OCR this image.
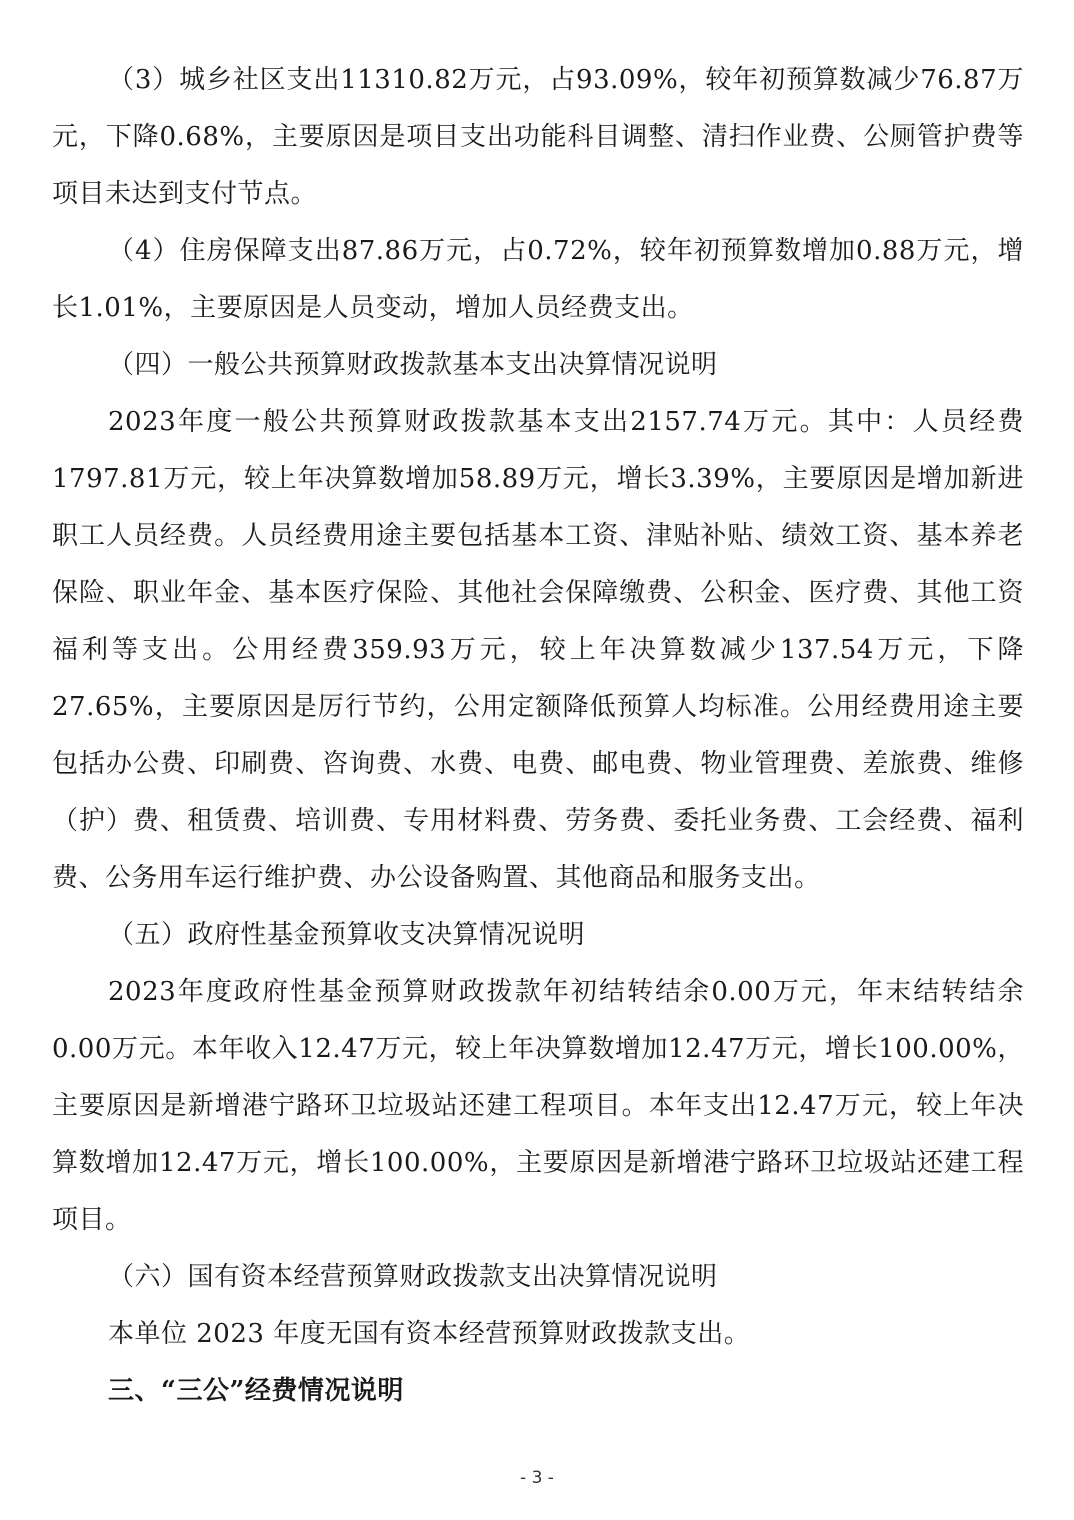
（3）城乡社区支出11310.82万元，占93.09%，较年初预算数减少76.87万元，下降0.68%，主要原因是项目支出功能科目调整、清扫作业费、公厕管护费等项目未达到支付节点。

（4）住房保障支出87.86万元，占0.72%，较年初预算数增加0.88万元，增长1.01%，主要原因是人员变动，增加人员经费支出。

（四）一般公共预算财政拨款基本支出决算情况说明

2023年度一般公共预算财政拨款基本支出2157.74万元。其中：人员经费1797.81万元，较上年决算数增加58.89万元，增长3.39%，主要原因是增加新进职工人员经费。人员经费用途主要包括基本工资、津贴补贴、绩效工资、基本养老保险、职业年金、基本医疗保险、其他社会保障缴费、公积金、医疗费、其他工资福利等支出。公用经费359.93万元，较上年决算数减少137.54万元，下降27.65%，主要原因是厉行节约，公用定额降低预算人均标准。公用经费用途主要包括办公费、印刷费、咨询费、水费、电费、邮电费、物业管理费、差旅费、维修（护）费、租赁费、培训费、专用材料费、劳务费、委托业务费、工会经费、福利费、公务用车运行维护费、办公设备购置、其他商品和服务支出。

（五）政府性基金预算收支决算情况说明

2023年度政府性基金预算财政拨款年初结转结余0.00万元，年末结转结余0.00万元。本年收入12.47万元，较上年决算数增加12.47万元，增长100.00%，主要原因是新增港宁路环卫垃圾站还建工程项目。本年支出12.47万元，较上年决算数增加12.47万元，增长100.00%，主要原因是新增港宁路环卫垃圾站还建工程项目。

（六）国有资本经营预算财政拨款支出决算情况说明

本单位 2023 年度无国有资本经营预算财政拨款支出。

三、“三公”经费情况说明

- 3 -
